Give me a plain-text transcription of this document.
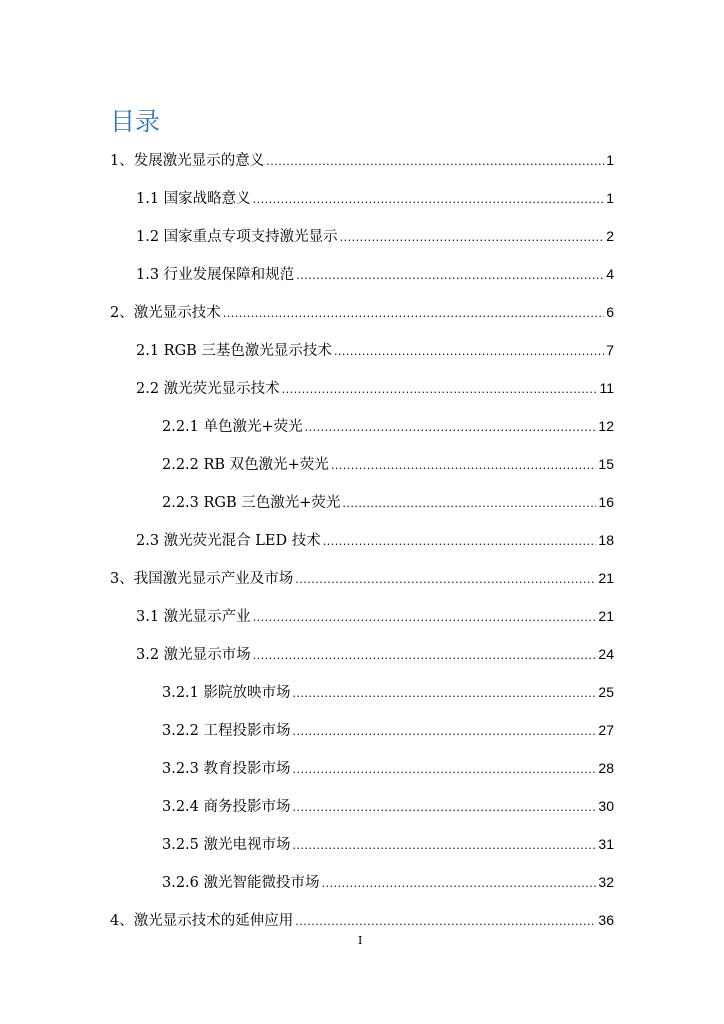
目录
1、发展激光显示的意义 .....	1
1.1 国家战略意义 .....	1
1.2 国家重点专项支持激光显示 .....	2
1.3 行业发展保障和规范 .....	4
2、激光显示技术 .....	6
2.1 RGB 三基色激光显示技术 .....	7
2.2 激光荧光显示技术 .....	11
2.2.1 单色激光+荧光 .....	12
2.2.2 RB 双色激光+荧光 .....	15
2.2.3 RGB 三色激光+荧光 .....	16
2.3 激光荧光混合 LED 技术 .....	18
3、我国激光显示产业及市场 .....	21
3.1 激光显示产业 .....	21
3.2 激光显示市场 .....	24
3.2.1 影院放映市场 .....	25
3.2.2 工程投影市场 .....	27
3.2.3 教育投影市场 .....	28
3.2.4 商务投影市场 .....	30
3.2.5 激光电视市场 .....	31
3.2.6 激光智能微投市场 .....	32
4、激光显示技术的延伸应用 .....	36
I
